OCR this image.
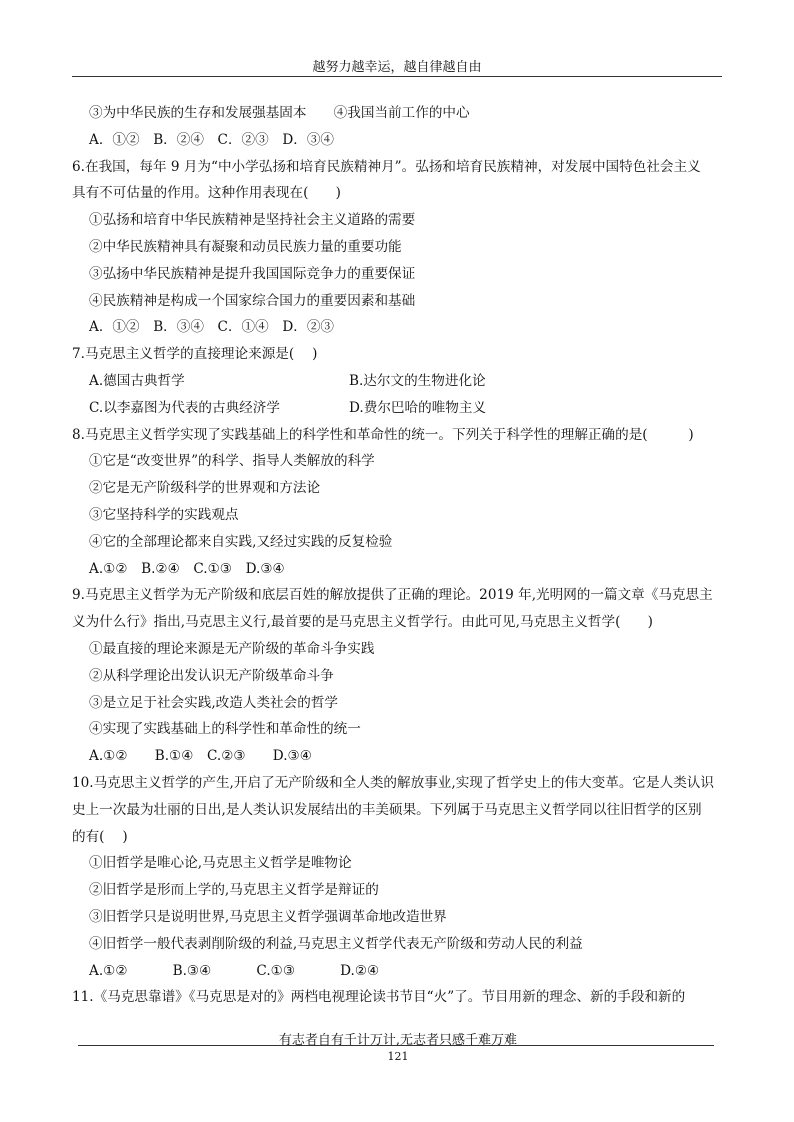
越努力越幸运，越自律越自由
③为中华民族的生存和发展强基固本　　④我国当前工作的中心
A．①②　B．②④　C．②③　D．③④
6.在我国，每年 9 月为“中小学弘扬和培育民族精神月”。弘扬和培育民族精神，对发展中国特色社会主义
具有不可估量的作用。这种作用表现在(　　)
①弘扬和培育中华民族精神是坚持社会主义道路的需要
②中华民族精神具有凝聚和动员民族力量的重要功能
③弘扬中华民族精神是提升我国国际竞争力的重要保证
④民族精神是构成一个国家综合国力的重要因素和基础
A．①②　B．③④　C．①④　D．②③
7.马克思主义哲学的直接理论来源是(　 )
A.德国古典哲学	B.达尔文的生物进化论
C.以李嘉图为代表的古典经济学	D.费尔巴哈的唯物主义
8.马克思主义哲学实现了实践基础上的科学性和革命性的统一。下列关于科学性的理解正确的是(　　　)
①它是“改变世界”的科学、指导人类解放的科学
②它是无产阶级科学的世界观和方法论
③它坚持科学的实践观点
④它的全部理论都来自实践,又经过实践的反复检验
A.①②　B.②④　C.①③　D.③④
9.马克思主义哲学为无产阶级和底层百姓的解放提供了正确的理论。2019 年,光明网的一篇文章《马克思主
义为什么行》指出,马克思主义行,最首要的是马克思主义哲学行。由此可见,马克思主义哲学(　　)
①最直接的理论来源是无产阶级的革命斗争实践
②从科学理论出发认识无产阶级革命斗争
③是立足于社会实践,改造人类社会的哲学
④实现了实践基础上的科学性和革命性的统一
A.①②　　B.①④　C.②③　　D.③④
10.马克思主义哲学的产生,开启了无产阶级和全人类的解放事业,实现了哲学史上的伟大变革。它是人类认识
史上一次最为壮丽的日出,是人类认识发展结出的丰美硕果。下列属于马克思主义哲学同以往旧哲学的区别
的有(　 )
①旧哲学是唯心论,马克思主义哲学是唯物论
②旧哲学是形而上学的,马克思主义哲学是辩证的
③旧哲学只是说明世界,马克思主义哲学强调革命地改造世界
④旧哲学一般代表剥削阶级的利益,马克思主义哲学代表无产阶级和劳动人民的利益
A.①②　　　 B.③④　　　 C.①③　　　 D.②④
11.《马克思靠谱》《马克思是对的》两档电视理论读书节目“火”了。节目用新的理念、新的手段和新的
有志者自有千计万计,无志者只感千难万难
121
